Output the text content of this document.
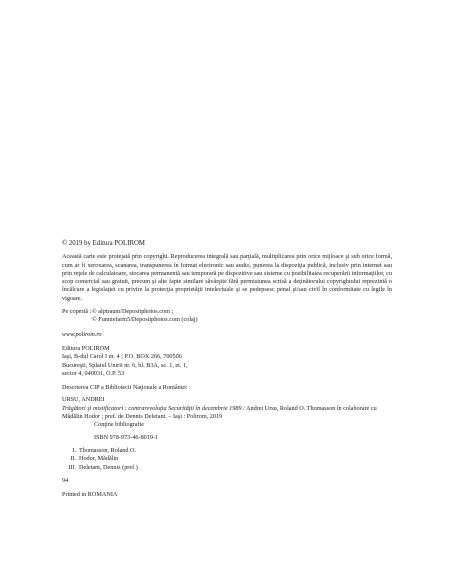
© 2019 by Editura POLIROM

Această carte este protejată prin copyright. Reproducerea integrală sau parţială, multiplicarea prin orice mijloace şi sub orice formă, cum ar fi xeroxarea, scanarea, transpunerea în format electronic sau audio, punerea la dispoziţia publică, inclusiv prin internet sau prin reţele de calculatoare, stocarea permanentă sau temporară pe dispozitive sau sisteme cu posibilitatea recuperării informaţiilor, cu scop comercial sau gratuit, precum şi alte fapte similare săvârşite fără permisiunea scrisă a deţinătorului copyrightului reprezintă o încălcare a legislaţiei cu privire la protecţia proprietăţii intelectuale şi se pedepsesc penal şi/sau civil în conformitate cu legile în vigoare.

Pe copertă : © alptraum/Depositphotos.com ;
© Funniefarm5/Depositphotos.com (colaj)

www.polirom.ro

Editura POLIROM
Iaşi, B-dul Carol I nr. 4 ; P.O. BOX 266, 700506
Bucureşti, Splaiul Unirii nr. 6, bl. B3A, sc. 1, et. 1,
sector 4, 040031, O.P. 53

Descrierea CIP a Bibliotecii Naţionale a României :

URSU, ANDREI

Trăgători şi mistificatori : contrarevoluţia Securităţii în decembrie 1989 / Andrei Ursu, Roland O. Thomasson în colaborare cu Mădălin Hodor ; pref. de Dennis Deletant. – Iaşi : Polirom, 2019

Conţine bibliografie

ISBN 978-973-46-8019-1

I. Thomasson, Roland O.
II. Hodor, Mădălin
III. Deletant, Dennis (pref.)

94

Printed in ROMANIA
